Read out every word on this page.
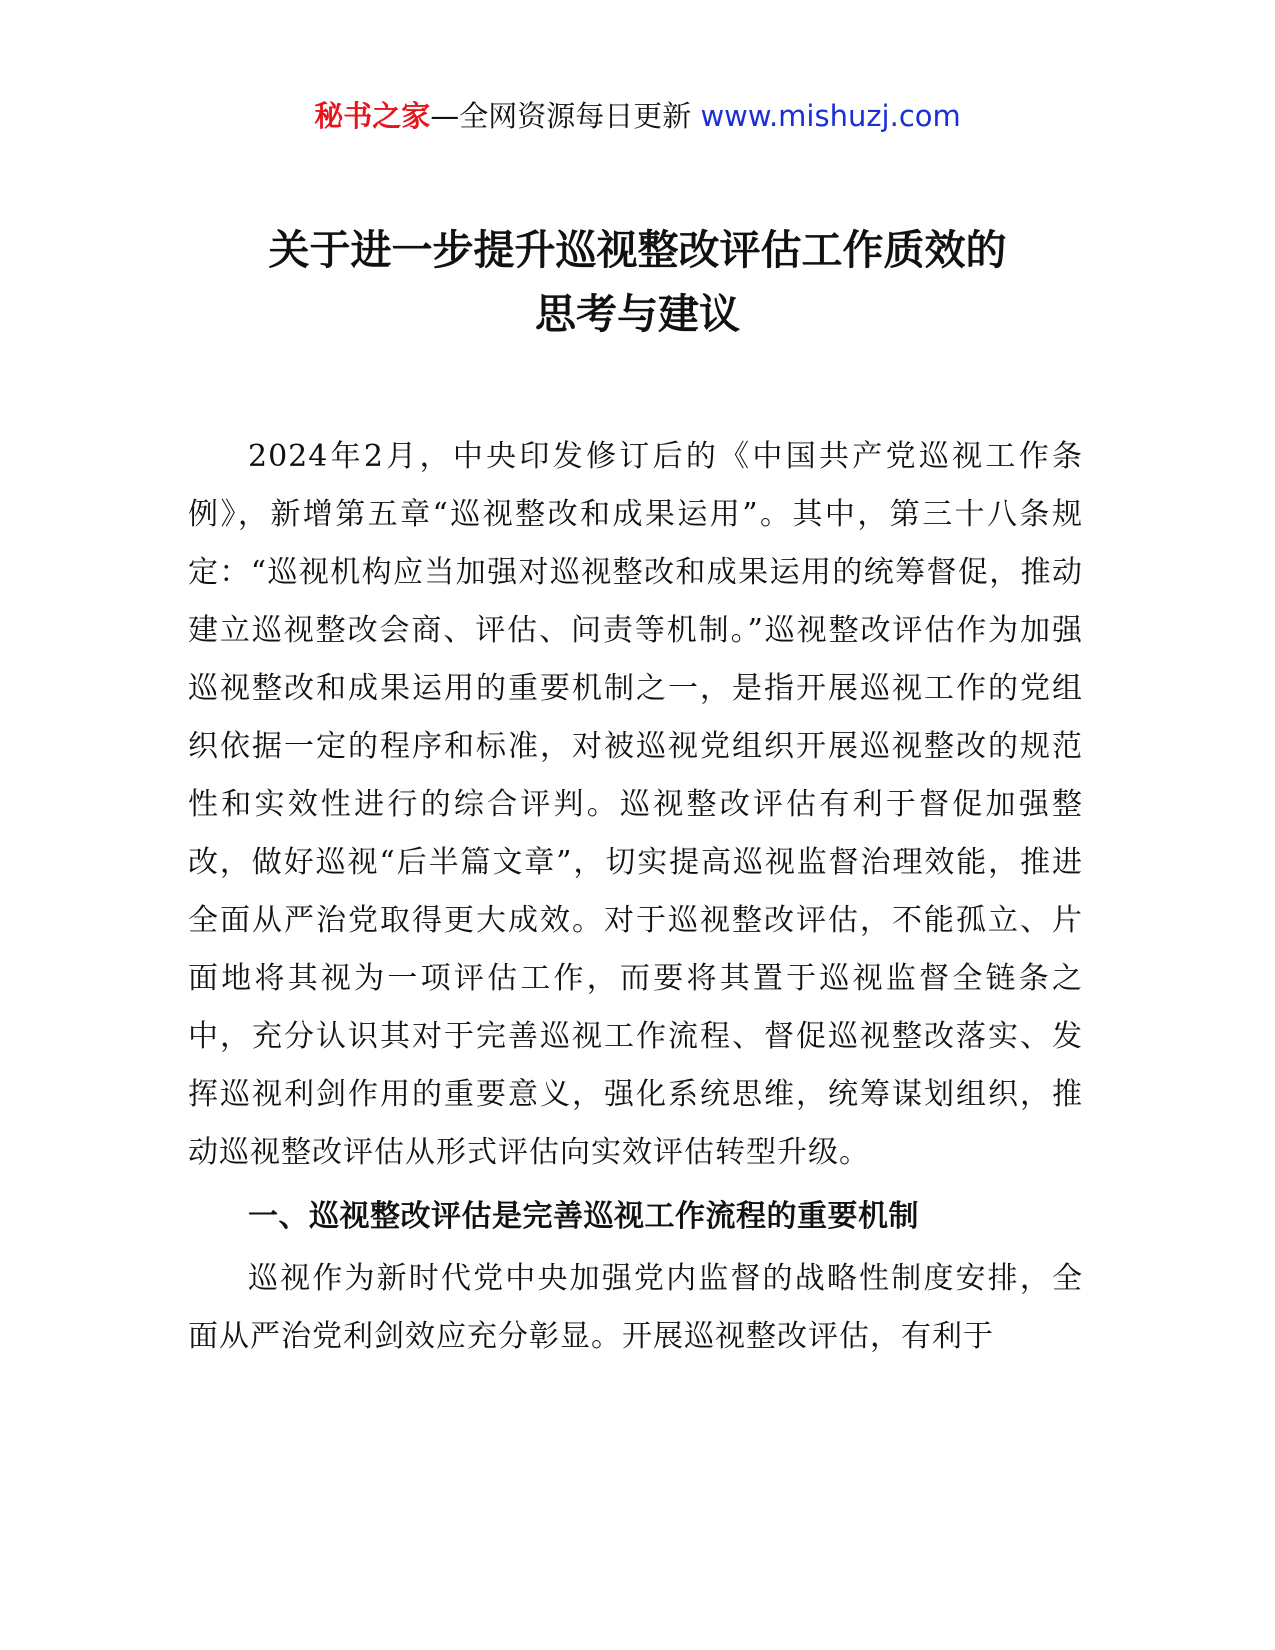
秘书之家—全网资源每日更新 www.mishuzj.com
关于进一步提升巡视整改评估工作质效的
思考与建议

2024年2月，中央印发修订后的《中国共产党巡视工作条例》，新增第五章“巡视整改和成果运用”。其中，第三十八条规定：“巡视机构应当加强对巡视整改和成果运用的统筹督促，推动建立巡视整改会商、评估、问责等机制。”巡视整改评估作为加强巡视整改和成果运用的重要机制之一，是指开展巡视工作的党组织依据一定的程序和标准，对被巡视党组织开展巡视整改的规范性和实效性进行的综合评判。巡视整改评估有利于督促加强整改，做好巡视“后半篇文章”，切实提高巡视监督治理效能，推进全面从严治党取得更大成效。对于巡视整改评估，不能孤立、片面地将其视为一项评估工作，而要将其置于巡视监督全链条之中，充分认识其对于完善巡视工作流程、督促巡视整改落实、发挥巡视利剑作用的重要意义，强化系统思维，统筹谋划组织，推动巡视整改评估从形式评估向实效评估转型升级。

一、巡视整改评估是完善巡视工作流程的重要机制

巡视作为新时代党中央加强党内监督的战略性制度安排，全面从严治党利剑效应充分彰显。开展巡视整改评估，有利于
